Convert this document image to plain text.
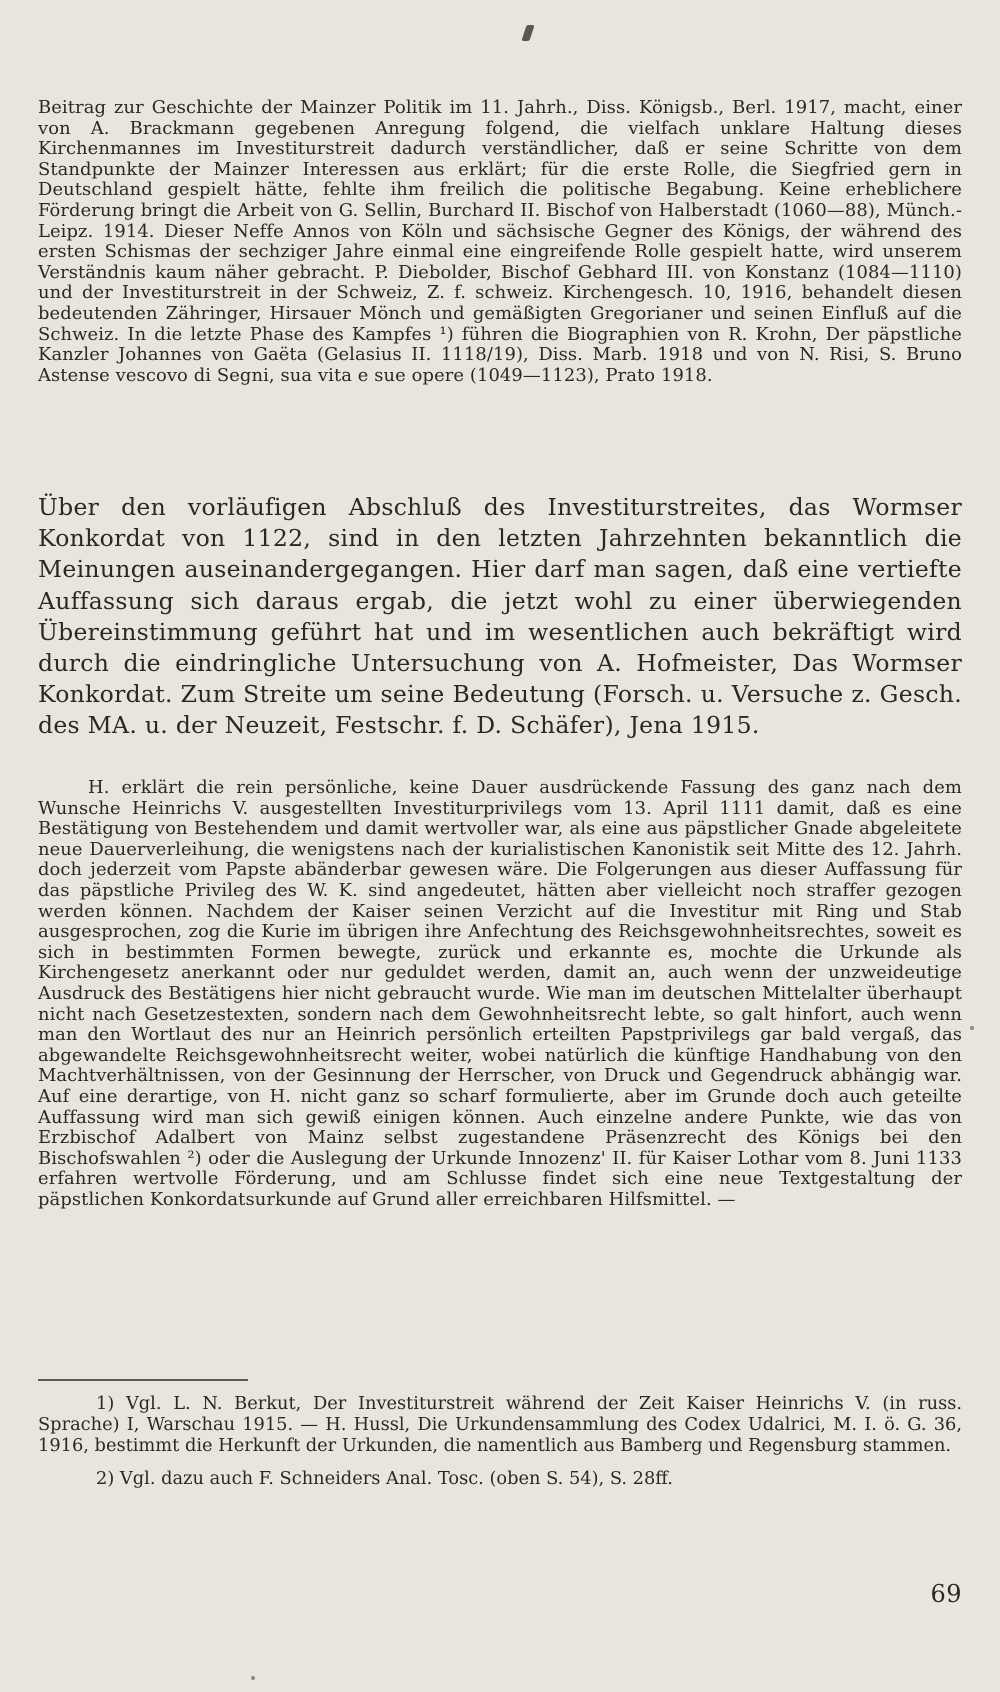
Beitrag zur Geschichte der Mainzer Politik im 11. Jahrh., Diss. Königsb., Berl. 1917, macht, einer von A. Brackmann gegebenen Anregung folgend, die vielfach unklare Haltung dieses Kirchenmannes im Investiturstreit dadurch verständlicher, daß er seine Schritte von dem Standpunkte der Mainzer Interessen aus erklärt; für die erste Rolle, die Siegfried gern in Deutschland gespielt hätte, fehlte ihm freilich die politische Begabung. Keine erheblichere Förderung bringt die Arbeit von G. Sellin, Burchard II. Bischof von Halberstadt (1060—88), Münch.-Leipz. 1914. Dieser Neffe Annos von Köln und sächsische Gegner des Königs, der während des ersten Schismas der sechziger Jahre einmal eine eingreifende Rolle gespielt hatte, wird unserem Verständnis kaum näher gebracht. P. Diebolder, Bischof Gebhard III. von Konstanz (1084—1110) und der Investiturstreit in der Schweiz, Z. f. schweiz. Kirchengesch. 10, 1916, behandelt diesen bedeutenden Zähringer, Hirsauer Mönch und gemäßigten Gregorianer und seinen Einfluß auf die Schweiz. In die letzte Phase des Kampfes ¹) führen die Biographien von R. Krohn, Der päpstliche Kanzler Johannes von Gaëta (Gelasius II. 1118/19), Diss. Marb. 1918 und von N. Risi, S. Bruno Astense vescovo di Segni, sua vita e sue opere (1049—1123), Prato 1918.

Über den vorläufigen Abschluß des Investiturstreites, das Wormser Konkordat von 1122, sind in den letzten Jahrzehnten bekanntlich die Meinungen auseinandergegangen. Hier darf man sagen, daß eine vertiefte Auffassung sich daraus ergab, die jetzt wohl zu einer überwiegenden Übereinstimmung geführt hat und im wesentlichen auch bekräftigt wird durch die eindringliche Untersuchung von A. Hofmeister, Das Wormser Konkordat. Zum Streite um seine Bedeutung (Forsch. u. Versuche z. Gesch. des MA. u. der Neuzeit, Festschr. f. D. Schäfer), Jena 1915.

H. erklärt die rein persönliche, keine Dauer ausdrückende Fassung des ganz nach dem Wunsche Heinrichs V. ausgestellten Investiturprivilegs vom 13. April 1111 damit, daß es eine Bestätigung von Bestehendem und damit wertvoller war, als eine aus päpstlicher Gnade abgeleitete neue Dauerverleihung, die wenigstens nach der kurialistischen Kanonistik seit Mitte des 12. Jahrh. doch jederzeit vom Papste abänderbar gewesen wäre. Die Folgerungen aus dieser Auffassung für das päpstliche Privileg des W. K. sind angedeutet, hätten aber vielleicht noch straffer gezogen werden können. Nachdem der Kaiser seinen Verzicht auf die Investitur mit Ring und Stab ausgesprochen, zog die Kurie im übrigen ihre Anfechtung des Reichsgewohnheitsrechtes, soweit es sich in bestimmten Formen bewegte, zurück und erkannte es, mochte die Urkunde als Kirchengesetz anerkannt oder nur geduldet werden, damit an, auch wenn der unzweideutige Ausdruck des Bestätigens hier nicht gebraucht wurde. Wie man im deutschen Mittelalter überhaupt nicht nach Gesetzestexten, sondern nach dem Gewohnheitsrecht lebte, so galt hinfort, auch wenn man den Wortlaut des nur an Heinrich persönlich erteilten Papstprivilegs gar bald vergaß, das abgewandelte Reichsgewohnheitsrecht weiter, wobei natürlich die künftige Handhabung von den Machtverhältnissen, von der Gesinnung der Herrscher, von Druck und Gegendruck abhängig war. Auf eine derartige, von H. nicht ganz so scharf formulierte, aber im Grunde doch auch geteilte Auffassung wird man sich gewiß einigen können. Auch einzelne andere Punkte, wie das von Erzbischof Adalbert von Mainz selbst zugestandene Präsenzrecht des Königs bei den Bischofswahlen ²) oder die Auslegung der Urkunde Innozenz' II. für Kaiser Lothar vom 8. Juni 1133 erfahren wertvolle Förderung, und am Schlusse findet sich eine neue Textgestaltung der päpstlichen Konkordatsurkunde auf Grund aller erreichbaren Hilfsmittel. —

1) Vgl. L. N. Berkut, Der Investiturstreit während der Zeit Kaiser Heinrichs V. (in russ. Sprache) I, Warschau 1915. — H. Hussl, Die Urkundensammlung des Codex Udalrici, M. I. ö. G. 36, 1916, bestimmt die Herkunft der Urkunden, die namentlich aus Bamberg und Regensburg stammen.

2) Vgl. dazu auch F. Schneiders Anal. Tosc. (oben S. 54), S. 28ff.

69
